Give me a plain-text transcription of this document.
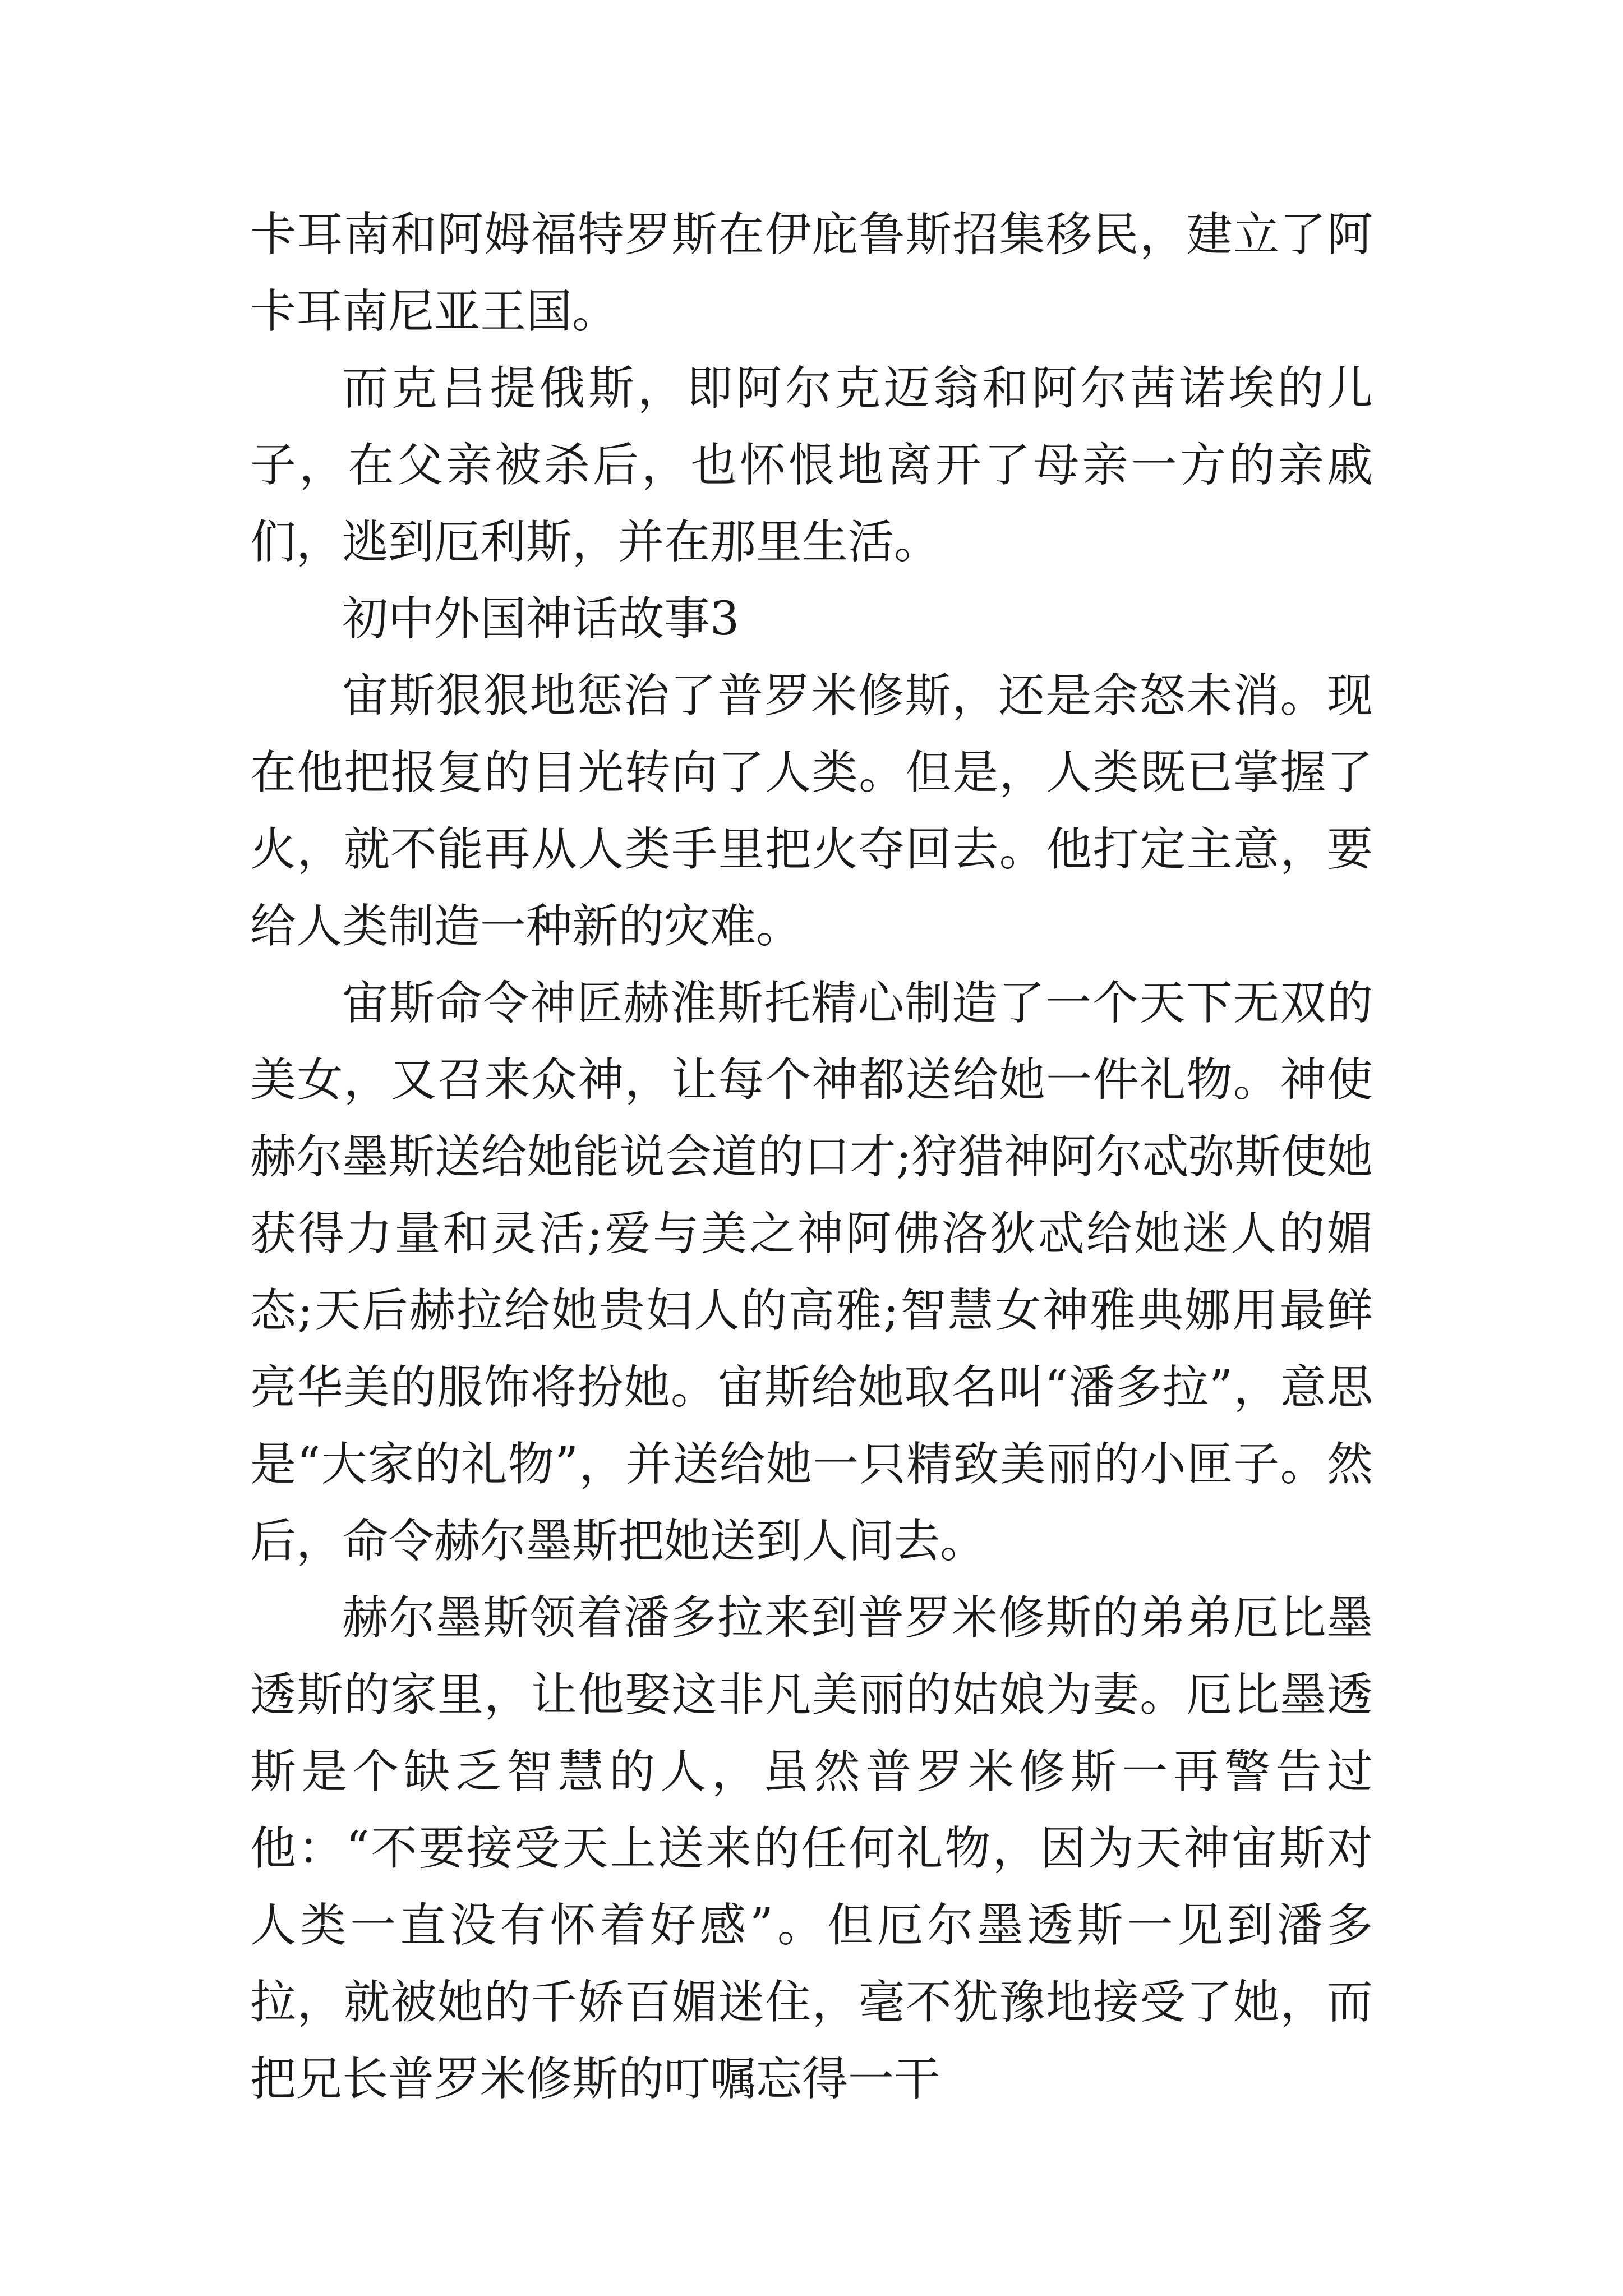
卡耳南和阿姆福特罗斯在伊庇鲁斯招集移民，建立了阿卡耳南尼亚王国。

而克吕提俄斯，即阿尔克迈翁和阿尔茜诺埃的儿子，在父亲被杀后，也怀恨地离开了母亲一方的亲戚们，逃到厄利斯，并在那里生活。

初中外国神话故事3

宙斯狠狠地惩治了普罗米修斯，还是余怒未消。现在他把报复的目光转向了人类。但是，人类既已掌握了火，就不能再从人类手里把火夺回去。他打定主意，要给人类制造一种新的灾难。

宙斯命令神匠赫淮斯托精心制造了一个天下无双的美女，又召来众神，让每个神都送给她一件礼物。神使赫尔墨斯送给她能说会道的口才;狩猎神阿尔忒弥斯使她获得力量和灵活;爱与美之神阿佛洛狄忒给她迷人的媚态;天后赫拉给她贵妇人的高雅;智慧女神雅典娜用最鲜亮华美的服饰将扮她。宙斯给她取名叫“潘多拉”，意思是“大家的礼物”，并送给她一只精致美丽的小匣子。然后，命令赫尔墨斯把她送到人间去。

赫尔墨斯领着潘多拉来到普罗米修斯的弟弟厄比墨透斯的家里，让他娶这非凡美丽的姑娘为妻。厄比墨透斯是个缺乏智慧的人，虽然普罗米修斯一再警告过他：“不要接受天上送来的任何礼物，因为天神宙斯对人类一直没有怀着好感”。但厄尔墨透斯一见到潘多拉，就被她的千娇百媚迷住，毫不犹豫地接受了她，而把兄长普罗米修斯的叮嘱忘得一干
